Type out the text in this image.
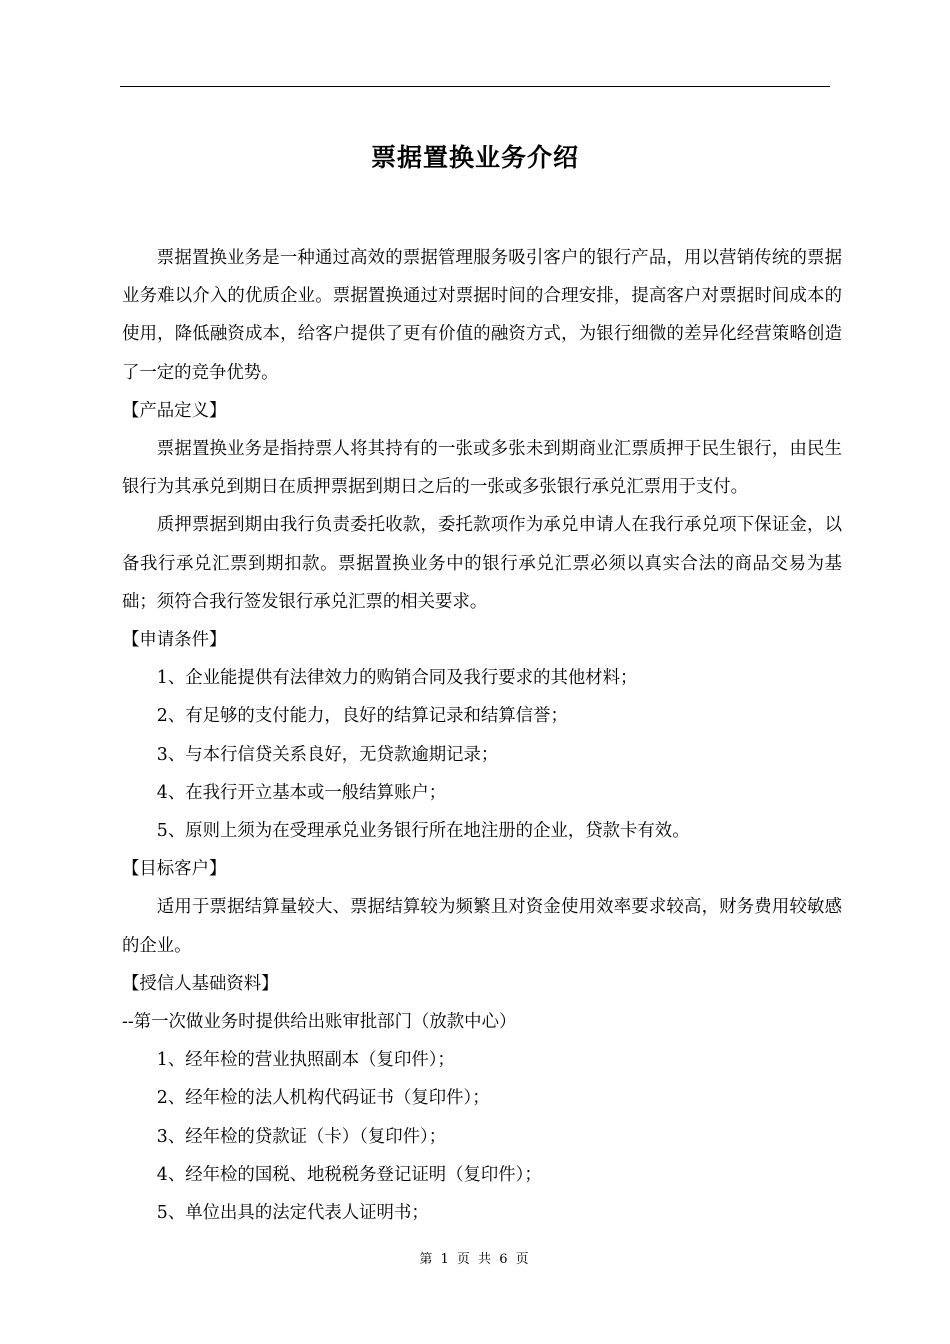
票据置换业务介绍

票据置换业务是一种通过高效的票据管理服务吸引客户的银行产品，用以营销传统的票据业务难以介入的优质企业。票据置换通过对票据时间的合理安排，提高客户对票据时间成本的使用，降低融资成本，给客户提供了更有价值的融资方式，为银行细微的差异化经营策略创造了一定的竞争优势。

【产品定义】

票据置换业务是指持票人将其持有的一张或多张未到期商业汇票质押于民生银行，由民生银行为其承兑到期日在质押票据到期日之后的一张或多张银行承兑汇票用于支付。

质押票据到期由我行负责委托收款，委托款项作为承兑申请人在我行承兑项下保证金，以备我行承兑汇票到期扣款。票据置换业务中的银行承兑汇票必须以真实合法的商品交易为基础；须符合我行签发银行承兑汇票的相关要求。

【申请条件】

1、企业能提供有法律效力的购销合同及我行要求的其他材料；

2、有足够的支付能力，良好的结算记录和结算信誉；

3、与本行信贷关系良好，无贷款逾期记录；

4、在我行开立基本或一般结算账户；

5、原则上须为在受理承兑业务银行所在地注册的企业，贷款卡有效。

【目标客户】

适用于票据结算量较大、票据结算较为频繁且对资金使用效率要求较高，财务费用较敏感的企业。

【授信人基础资料】

--第一次做业务时提供给出账审批部门（放款中心）

1、经年检的营业执照副本（复印件）；

2、经年检的法人机构代码证书（复印件）；

3、经年检的贷款证（卡）（复印件）；

4、经年检的国税、地税税务登记证明（复印件）；

5、单位出具的法定代表人证明书；

第 1 页 共 6 页
